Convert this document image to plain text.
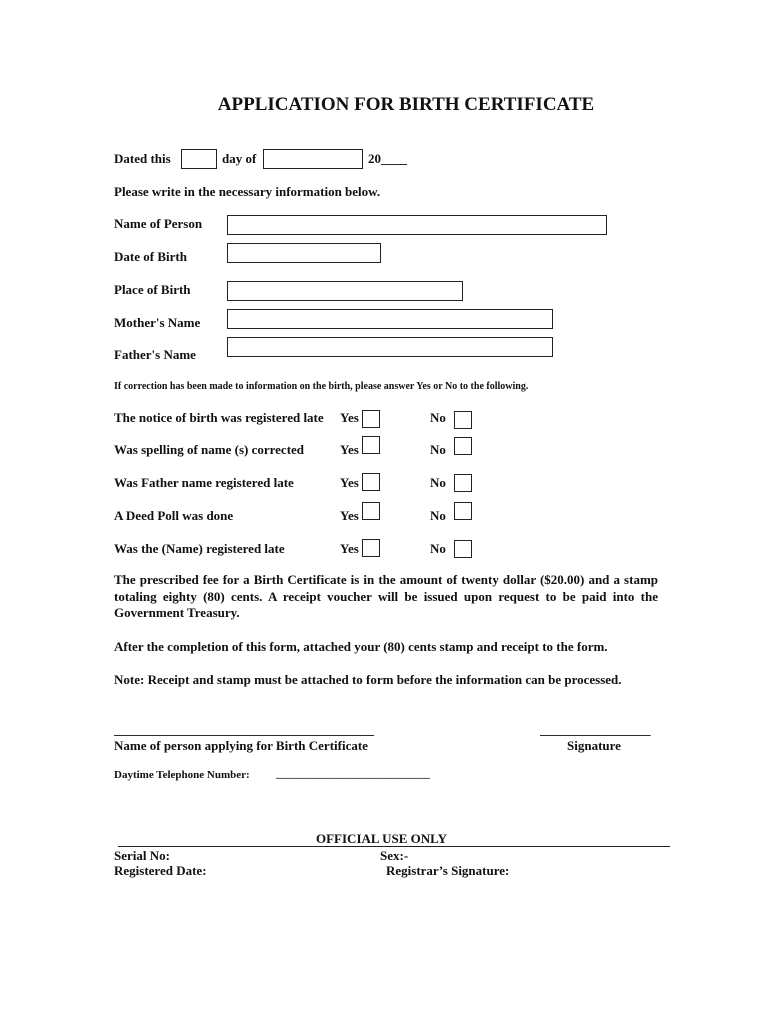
APPLICATION FOR BIRTH CERTIFICATE
Dated this	day of	20____
Please write in the necessary information below.
Name of Person
Date of Birth
Place of Birth
Mother's Name
Father's Name
If correction has been made to information on the birth, please answer Yes or No to the following.
The notice of birth was registered late Yes	No
Was spelling of name (s) corrected	Yes	No
Was Father name registered late	Yes	No
A Deed Poll was done	Yes	No
Was the (Name) registered late	Yes	No
The prescribed fee for a Birth Certificate is in the amount of twenty dollar ($20.00) and a stamp totaling eighty (80) cents. A receipt voucher will be issued upon request to be paid into the Government Treasury.
After the completion of this form, attached your (80) cents stamp and receipt to the form.
Note: Receipt and stamp must be attached to form before the information can be processed.
________________________________________
Name of person applying for Birth Certificate
_________________
Signature
Daytime Telephone Number: ____________________________
OFFICIAL USE ONLY
Serial No:	Sex:-
Registered Date:	Registrar’s Signature:
